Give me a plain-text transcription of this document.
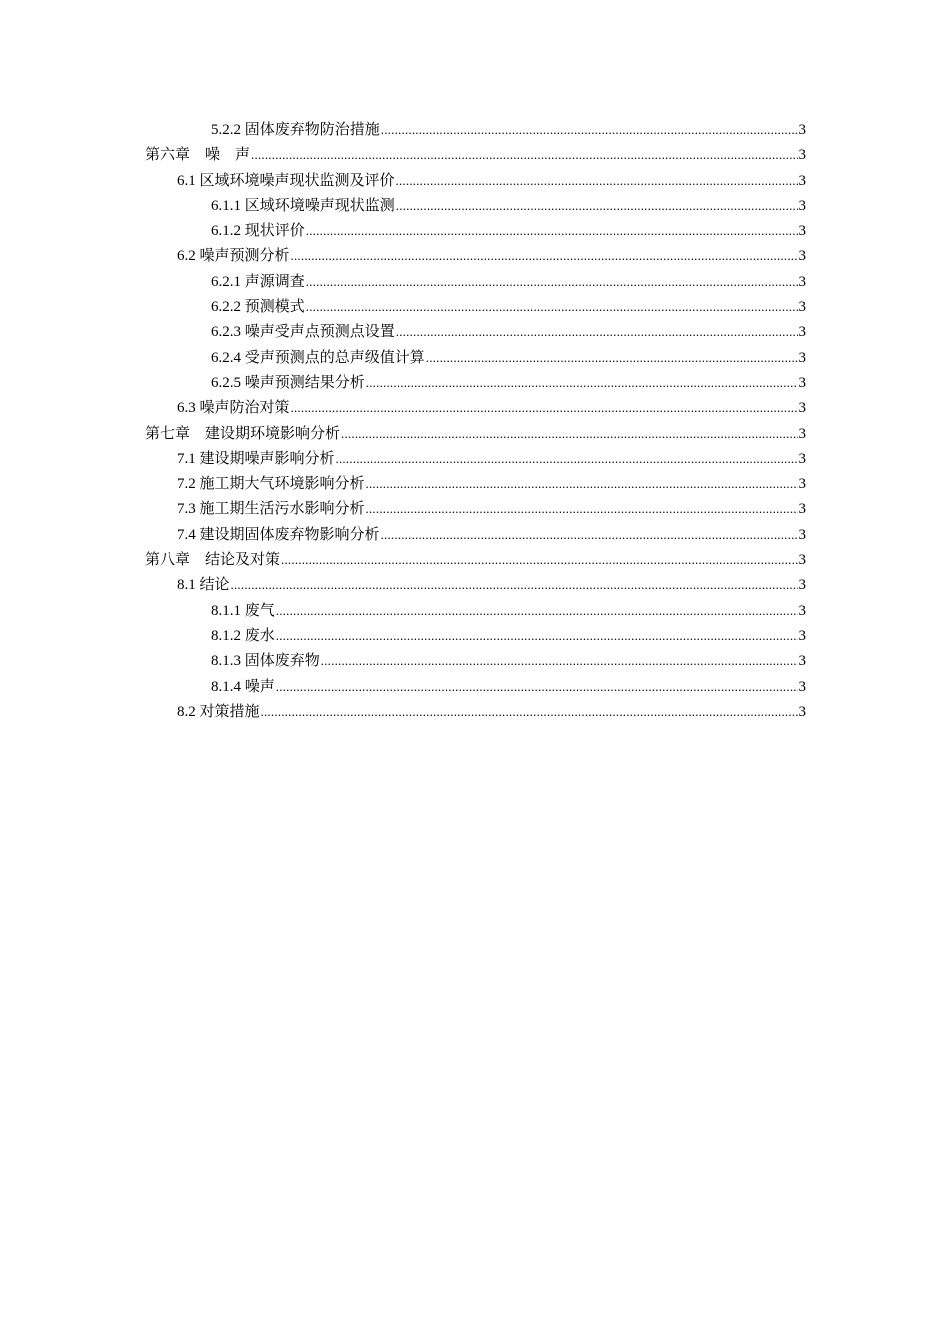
5.2.2 固体废弃物防治措施 .....	3
第六章　噪　声 .....	3
6.1 区域环境噪声现状监测及评价 .....	3
6.1.1 区域环境噪声现状监测 .....	3
6.1.2 现状评价 .....	3
6.2 噪声预测分析 .....	3
6.2.1 声源调查 .....	3
6.2.2 预测模式 .....	3
6.2.3 噪声受声点预测点设置 .....	3
6.2.4 受声预测点的总声级值计算 .....	3
6.2.5 噪声预测结果分析 .....	3
6.3 噪声防治对策 .....	3
第七章　建设期环境影响分析 .....	3
7.1 建设期噪声影响分析 .....	3
7.2 施工期大气环境影响分析 .....	3
7.3 施工期生活污水影响分析 .....	3
7.4 建设期固体废弃物影响分析 .....	3
第八章　结论及对策 .....	3
8.1 结论 .....	3
8.1.1 废气 .....	3
8.1.2 废水 .....	3
8.1.3 固体废弃物 .....	3
8.1.4 噪声 .....	3
8.2 对策措施 .....	3
